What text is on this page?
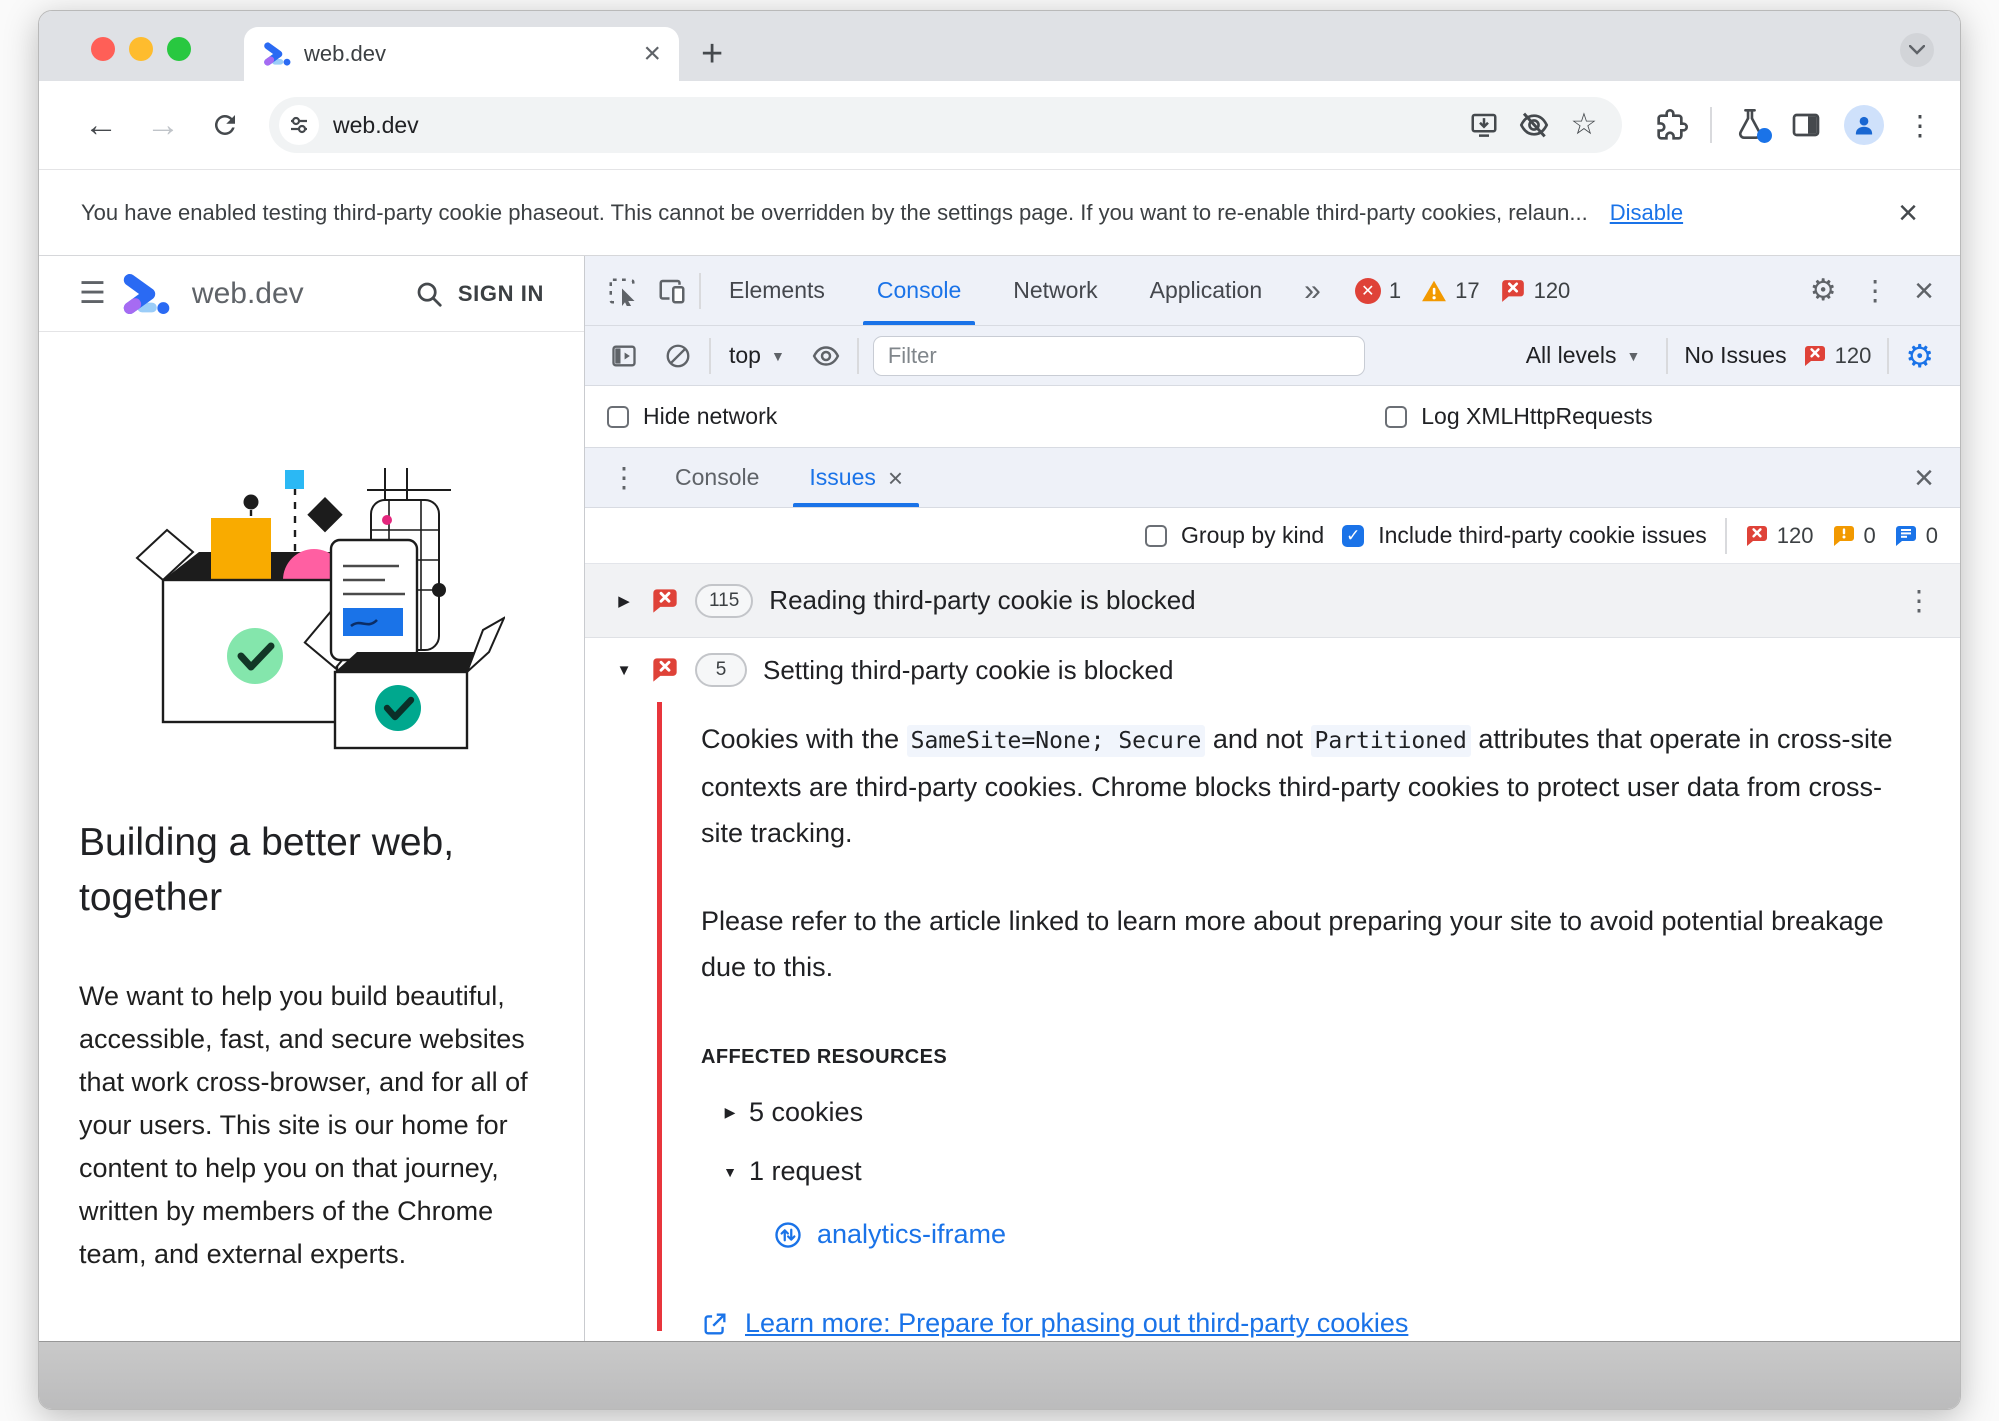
web.dev	× +
← →	web.dev	☆	⋮
You have enabled testing third-party cookie phaseout. This cannot be overridden by the settings page. If you want to re-enable third-party cookies, relaun... Disable	×
☰	web.dev	SIGN IN
Building a better web, together

We want to help you build beautiful, accessible, fast, and secure websites that work cross-browser, and for all of your users. This site is our home for content to help you on that journey, written by members of the Chrome team, and external experts.

Elements	Console	Network	Application	»	✕ 1 17 120	⚙ ⋮ ×
top ▼
Filter	All levels ▼ No Issues 120 ⚙
Hide network	Log XMLHttpRequests
⋮	Console	Issues ×	×
Group by kind ✓ Include third-party cookie issues	120 0 0
▶	115	Reading third-party cookie is blocked	⋮
▼	5	Setting third-party cookie is blocked

Cookies with the SameSite=None; Secure and not Partitioned attributes that operate in cross-site contexts are third-party cookies. Chrome blocks third-party cookies to protect user data from cross-site tracking.

Please refer to the article linked to learn more about preparing your site to avoid potential breakage due to this.

AFFECTED RESOURCES
▶ 5 cookies
▼ 1 request
analytics-iframe
Learn more: Prepare for phasing out third-party cookies
